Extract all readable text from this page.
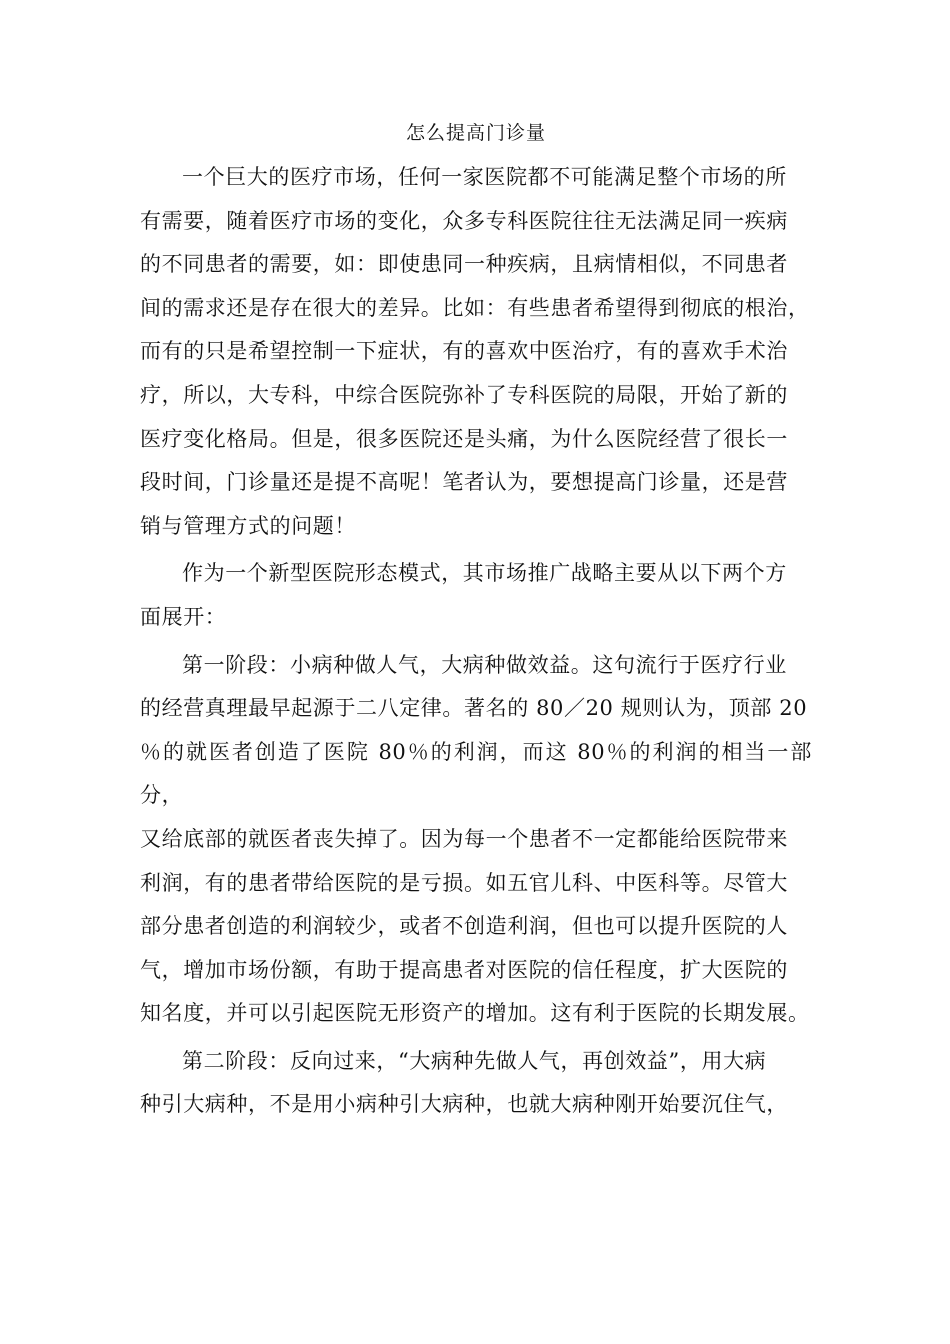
怎么提高门诊量

一个巨大的医疗市场，任何一家医院都不可能满足整个市场的所
有需要，随着医疗市场的变化，众多专科医院往往无法满足同一疾病
的不同患者的需要，如：即使患同一种疾病，且病情相似，不同患者
间的需求还是存在很大的差异。比如：有些患者希望得到彻底的根治，
而有的只是希望控制一下症状，有的喜欢中医治疗，有的喜欢手术治
疗，所以，大专科，中综合医院弥补了专科医院的局限，开始了新的
医疗变化格局。但是，很多医院还是头痛，为什么医院经营了很长一
段时间，门诊量还是提不高呢！笔者认为，要想提高门诊量，还是营
销与管理方式的问题！

作为一个新型医院形态模式，其市场推广战略主要从以下两个方
面展开：

第一阶段：小病种做人气，大病种做效益。这句流行于医疗行业
的经营真理最早起源于二八定律。著名的 80／20 规则认为，顶部 20
％的就医者创造了医院 80％的利润，而这 80％的利润的相当一部分，
又给底部的就医者丧失掉了。因为每一个患者不一定都能给医院带来
利润，有的患者带给医院的是亏损。如五官儿科、中医科等。尽管大
部分患者创造的利润较少，或者不创造利润，但也可以提升医院的人
气，增加市场份额，有助于提高患者对医院的信任程度，扩大医院的
知名度，并可以引起医院无形资产的增加。这有利于医院的长期发展。

第二阶段：反向过来，“大病种先做人气，再创效益”，用大病
种引大病种，不是用小病种引大病种，也就大病种刚开始要沉住气，
